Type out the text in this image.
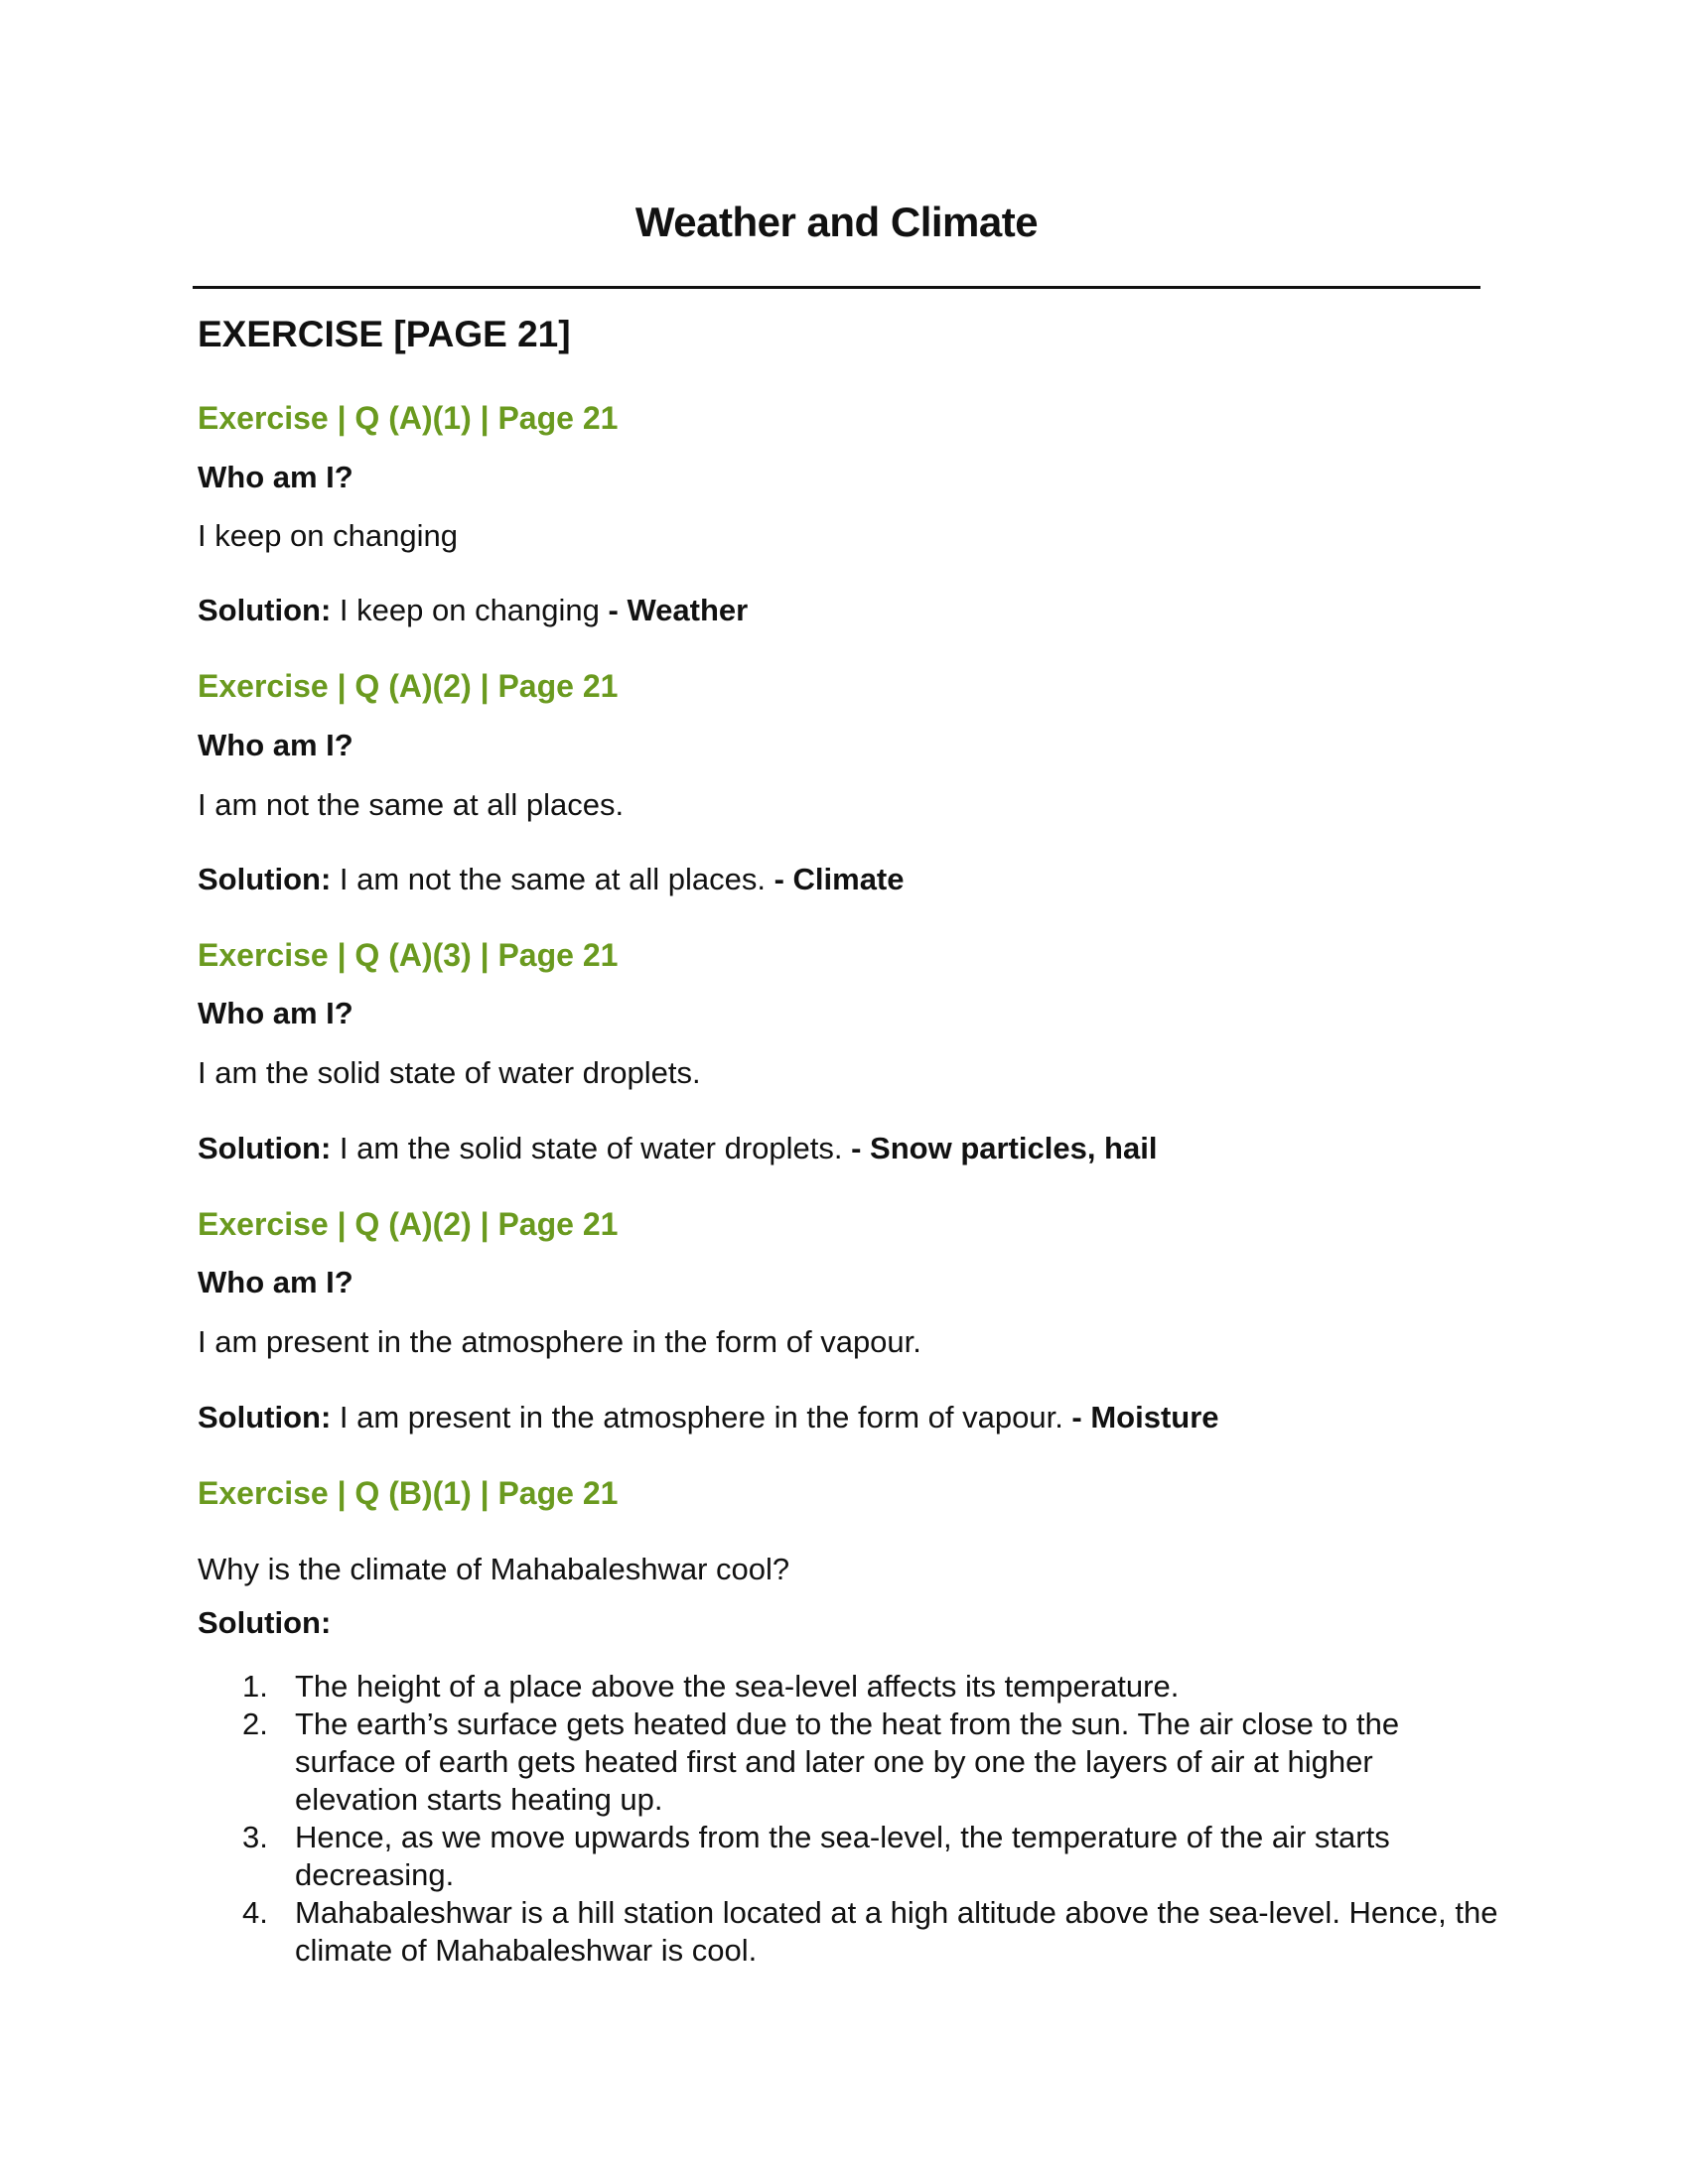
Weather and Climate
EXERCISE [PAGE 21]
Exercise | Q (A)(1) | Page 21
Who am I?
I keep on changing
Solution: I keep on changing - Weather
Exercise | Q (A)(2) | Page 21
Who am I?
I am not the same at all places.
Solution: I am not the same at all places. - Climate
Exercise | Q (A)(3) | Page 21
Who am I?
I am the solid state of water droplets.
Solution: I am the solid state of water droplets. - Snow particles, hail
Exercise | Q (A)(2) | Page 21
Who am I?
I am present in the atmosphere in the form of vapour.
Solution: I am present in the atmosphere in the form of vapour. - Moisture
Exercise | Q (B)(1) | Page 21
Why is the climate of Mahabaleshwar cool?
Solution:
1. The height of a place above the sea-level affects its temperature.
2. The earth’s surface gets heated due to the heat from the sun. The air close to the surface of earth gets heated first and later one by one the layers of air at higher elevation starts heating up.
3. Hence, as we move upwards from the sea-level, the temperature of the air starts decreasing.
4. Mahabaleshwar is a hill station located at a high altitude above the sea-level. Hence, the climate of Mahabaleshwar is cool.
